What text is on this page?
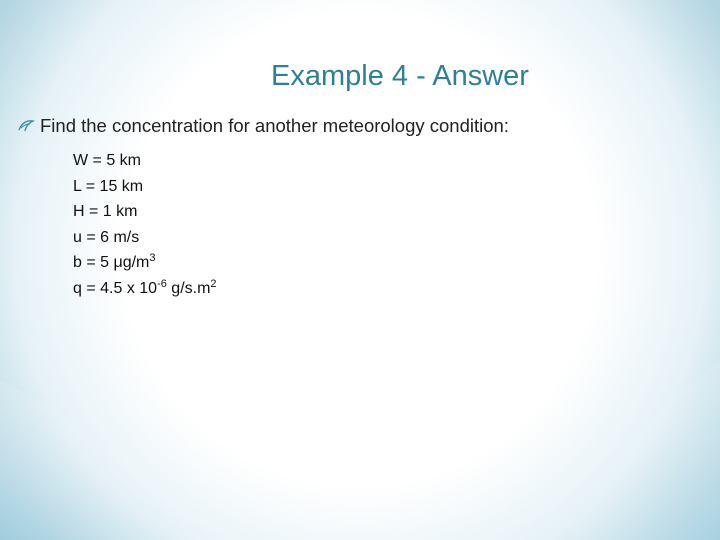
Example 4 - Answer
Find the concentration for another meteorology condition:
W = 5 km
L = 15 km
H = 1 km
u = 6 m/s
b = 5 $\mu g/m^3$
q = 4.5 x $10^{-6}$ $g/s.m^2$
